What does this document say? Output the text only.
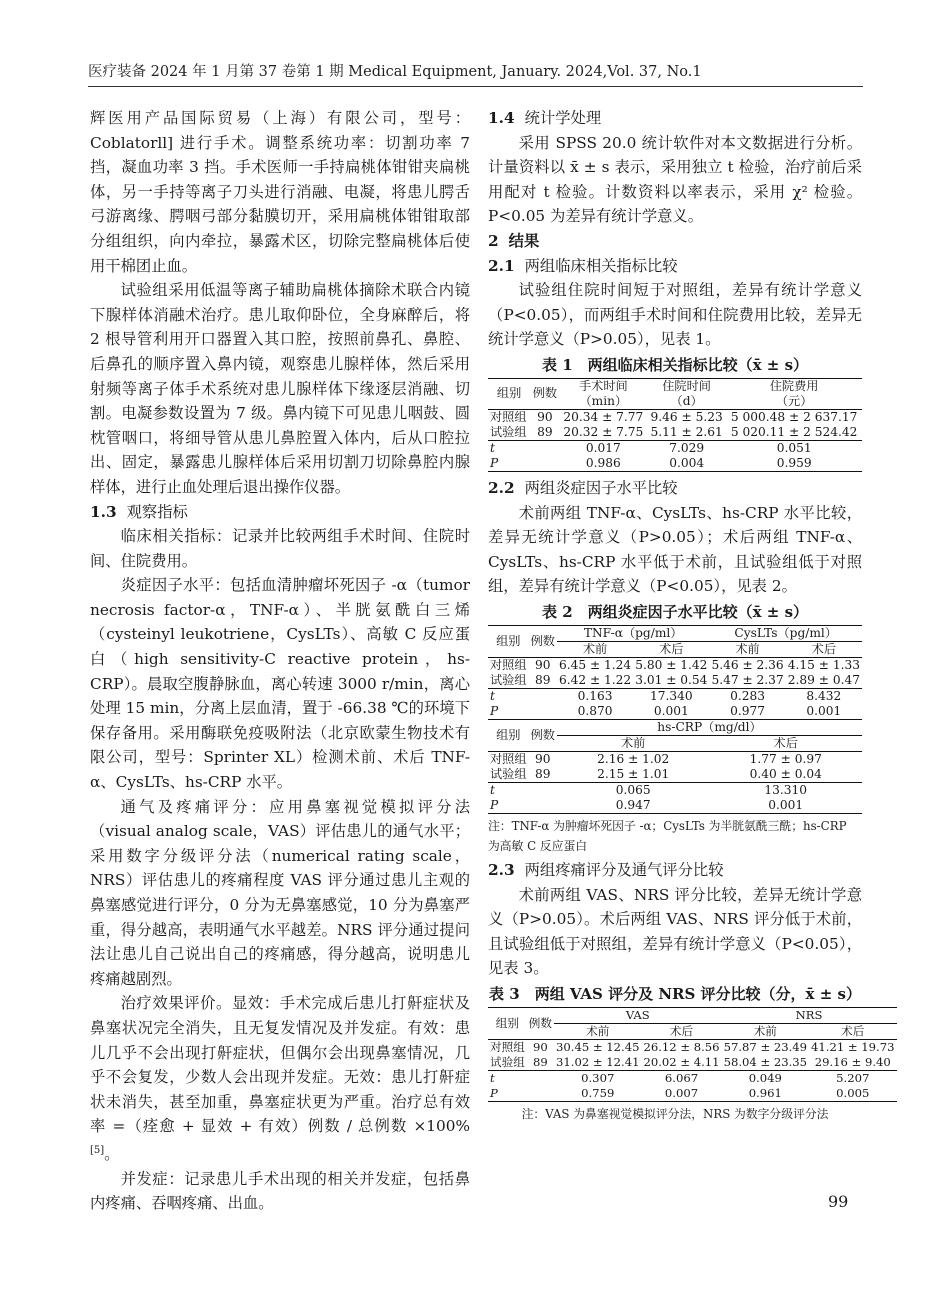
医疗装备 2024 年 1 月第 37 卷第 1 期 Medical Equipment, January. 2024,Vol. 37, No.1

辉医用产品国际贸易（上海）有限公司，型号：Coblatorll] 进行手术。调整系统功率：切割功率 7 挡，凝血功率 3 挡。手术医师一手持扁桃体钳钳夹扁桃体，另一手持等离子刀头进行消融、电凝，将患儿腭舌弓游离缘、腭咽弓部分黏膜切开，采用扁桃体钳钳取部分组组织，向内牵拉，暴露术区，切除完整扁桃体后使用干棉团止血。

试验组采用低温等离子辅助扁桃体摘除术联合内镜下腺样体消融术治疗。患儿取仰卧位，全身麻醉后，将 2 根导管利用开口器置入其口腔，按照前鼻孔、鼻腔、后鼻孔的顺序置入鼻内镜，观察患儿腺样体，然后采用射频等离子体手术系统对患儿腺样体下缘逐层消融、切割。电凝参数设置为 7 级。鼻内镜下可见患儿咽鼓、圆枕管咽口，将细导管从患儿鼻腔置入体内，后从口腔拉出、固定，暴露患儿腺样体后采用切割刀切除鼻腔内腺样体，进行止血处理后退出操作仪器。

1.3 观察指标

临床相关指标：记录并比较两组手术时间、住院时间、住院费用。

炎症因子水平：包括血清肿瘤坏死因子 -α（tumor necrosis factor-α，TNF-α）、半胱氨酰白三烯（cysteinyl leukotriene，CysLTs）、高敏 C 反应蛋白（high sensitivity-C reactive protein，hs-CRP）。晨取空腹静脉血，离心转速 3000 r/min，离心处理 15 min，分离上层血清，置于 -66.38 ℃的环境下保存备用。采用酶联免疫吸附法（北京欧蒙生物技术有限公司，型号：Sprinter XL）检测术前、术后 TNF-α、CysLTs、hs-CRP 水平。

通气及疼痛评分：应用鼻塞视觉模拟评分法（visual analog scale，VAS）评估患儿的通气水平；采用数字分级评分法（numerical rating scale，NRS）评估患儿的疼痛程度 VAS 评分通过患儿主观的鼻塞感觉进行评分，0 分为无鼻塞感觉，10 分为鼻塞严重，得分越高，表明通气水平越差。NRS 评分通过提问法让患儿自己说出自己的疼痛感，得分越高，说明患儿疼痛越剧烈。

治疗效果评价。显效：手术完成后患儿打鼾症状及鼻塞状况完全消失，且无复发情况及并发症。有效：患儿几乎不会出现打鼾症状，但偶尔会出现鼻塞情况，几乎不会复发，少数人会出现并发症。无效：患儿打鼾症状未消失，甚至加重，鼻塞症状更为严重。治疗总有效率 =（痊愈 + 显效 + 有效）例数 / 总例数 ×100%[5]。

并发症：记录患儿手术出现的相关并发症，包括鼻内疼痛、吞咽疼痛、出血。

1.4 统计学处理

采用 SPSS 20.0 统计软件对本文数据进行分析。计量资料以 x̄ ± s 表示，采用独立 t 检验，治疗前后采用配对 t 检验。计数资料以率表示，采用 χ² 检验。P<0.05 为差异有统计学意义。

2 结果

2.1 两组临床相关指标比较

试验组住院时间短于对照组，差异有统计学意义（P<0.05），而两组手术时间和住院费用比较，差异无统计学意义（P>0.05），见表 1。

表 1　两组临床相关指标比较（x̄ ± s）
组别	例数	手术时间	住院时间	住院费用
		（min）	（d）	（元）
对照组	90	20.34 ± 7.77	9.46 ± 5.23	5 000.48 ± 2 637.17
试验组	89	20.32 ± 7.75	5.11 ± 2.61	5 020.11 ± 2 524.42
t		0.017	7.029	0.051
P		0.986	0.004	0.959

2.2 两组炎症因子水平比较

术前两组 TNF-α、CysLTs、hs-CRP 水平比较，差异无统计学意义（P>0.05）；术后两组 TNF-α、CysLTs、hs-CRP 水平低于术前，且试验组低于对照组，差异有统计学意义（P<0.05），见表 2。

表 2　两组炎症因子水平比较（x̄ ± s）
组别	例数	TNF-α（pg/ml）		CysLTs（pg/ml）	
		术前	术后	术前	术后
对照组	90	6.45 ± 1.24	5.80 ± 1.42	5.46 ± 2.36	4.15 ± 1.33
试验组	89	6.42 ± 1.22	3.01 ± 0.54	5.47 ± 2.37	2.89 ± 0.47
t		0.163	17.340	0.283	8.432
P		0.870	0.001	0.977	0.001
组别	例数	hs-CRP（mg/dl）			
		术前		术后	
对照组	90	2.16 ± 1.02		1.77 ± 0.97	
试验组	89	2.15 ± 1.01		0.40 ± 0.04	
t		0.065		13.310	
P		0.947		0.001	
注：TNF-α 为肿瘤坏死因子 -α；CysLTs 为半胱氨酰三酰；hs-CRP 为高敏 C 反应蛋白

2.3 两组疼痛评分及通气评分比较

术前两组 VAS、NRS 评分比较，差异无统计学意义（P>0.05）。术后两组 VAS、NRS 评分低于术前，且试验组低于对照组，差异有统计学意义（P<0.05），见表 3。

表 3　两组 VAS 评分及 NRS 评分比较（分，x̄ ± s）
组别	例数	VAS		NRS	
		术前	术后	术前	术后
对照组	90	30.45 ± 12.45	26.12 ± 8.56	57.87 ± 23.49	41.21 ± 19.73
试验组	89	31.02 ± 12.41	20.02 ± 4.11	58.04 ± 23.35	29.16 ± 9.40
t		0.307	6.067	0.049	5.207
P		0.759	0.007	0.961	0.005
注：VAS 为鼻塞视觉模拟评分法，NRS 为数字分级评分法
99
